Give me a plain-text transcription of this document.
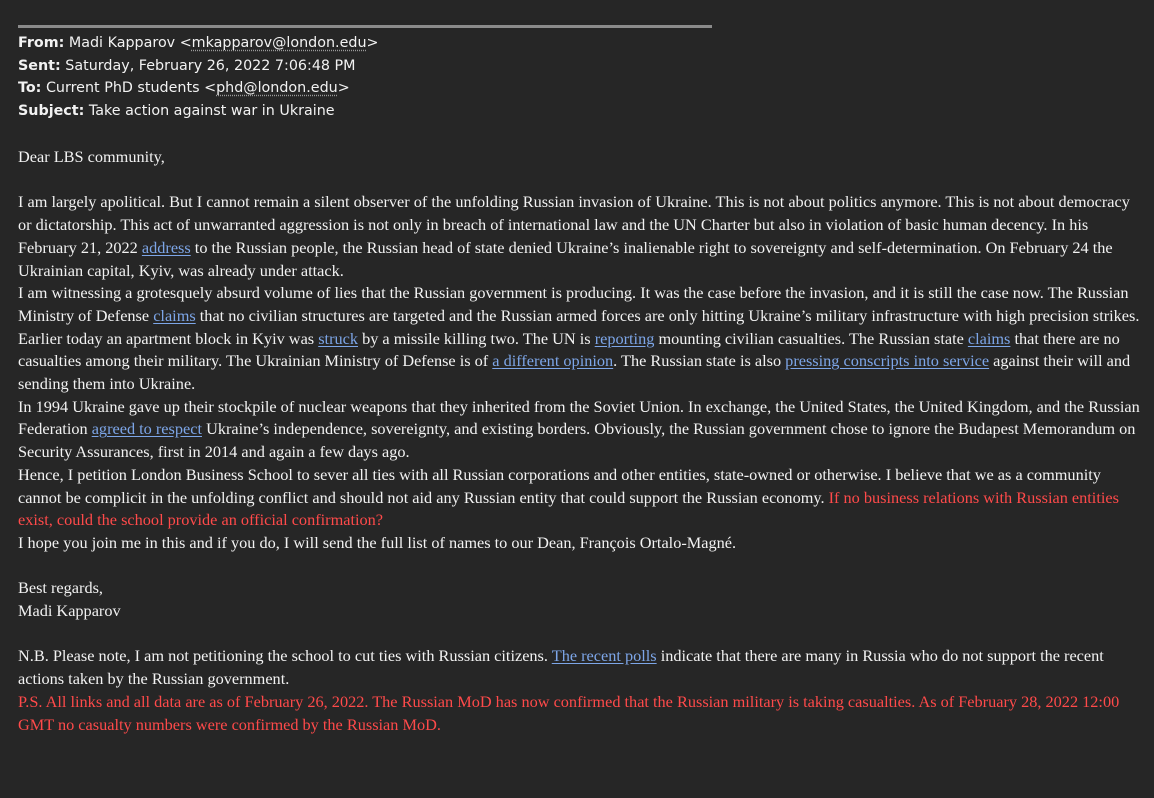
From: Madi Kapparov <mkapparov@london.edu>
Sent: Saturday, February 26, 2022 7:06:48 PM
To: Current PhD students <phd@london.edu>
Subject: Take action against war in Ukraine

Dear LBS community,

I am largely apolitical. But I cannot remain a silent observer of the unfolding Russian invasion of Ukraine. This is not about politics anymore. This is not about democracy or dictatorship. This act of unwarranted aggression is not only in breach of international law and the UN Charter but also in violation of basic human decency. In his February 21, 2022 address to the Russian people, the Russian head of state denied Ukraine’s inalienable right to sovereignty and self-determination. On February 24 the Ukrainian capital, Kyiv, was already under attack.

I am witnessing a grotesquely absurd volume of lies that the Russian government is producing. It was the case before the invasion, and it is still the case now. The Russian Ministry of Defense claims that no civilian structures are targeted and the Russian armed forces are only hitting Ukraine’s military infrastructure with high precision strikes. Earlier today an apartment block in Kyiv was struck by a missile killing two. The UN is reporting mounting civilian casualties. The Russian state claims that there are no casualties among their military. The Ukrainian Ministry of Defense is of a different opinion. The Russian state is also pressing conscripts into service against their will and sending them into Ukraine.

In 1994 Ukraine gave up their stockpile of nuclear weapons that they inherited from the Soviet Union. In exchange, the United States, the United Kingdom, and the Russian Federation agreed to respect Ukraine’s independence, sovereignty, and existing borders. Obviously, the Russian government chose to ignore the Budapest Memorandum on Security Assurances, first in 2014 and again a few days ago.

Hence, I petition London Business School to sever all ties with all Russian corporations and other entities, state-owned or otherwise. I believe that we as a community cannot be complicit in the unfolding conflict and should not aid any Russian entity that could support the Russian economy. If no business relations with Russian entities exist, could the school provide an official confirmation?

I hope you join me in this and if you do, I will send the full list of names to our Dean, François Ortalo-Magné.

Best regards,

Madi Kapparov

N.B. Please note, I am not petitioning the school to cut ties with Russian citizens. The recent polls indicate that there are many in Russia who do not support the recent actions taken by the Russian government.

P.S. All links and all data are as of February 26, 2022. The Russian MoD has now confirmed that the Russian military is taking casualties. As of February 28, 2022 12:00 GMT no casualty numbers were confirmed by the Russian MoD.
